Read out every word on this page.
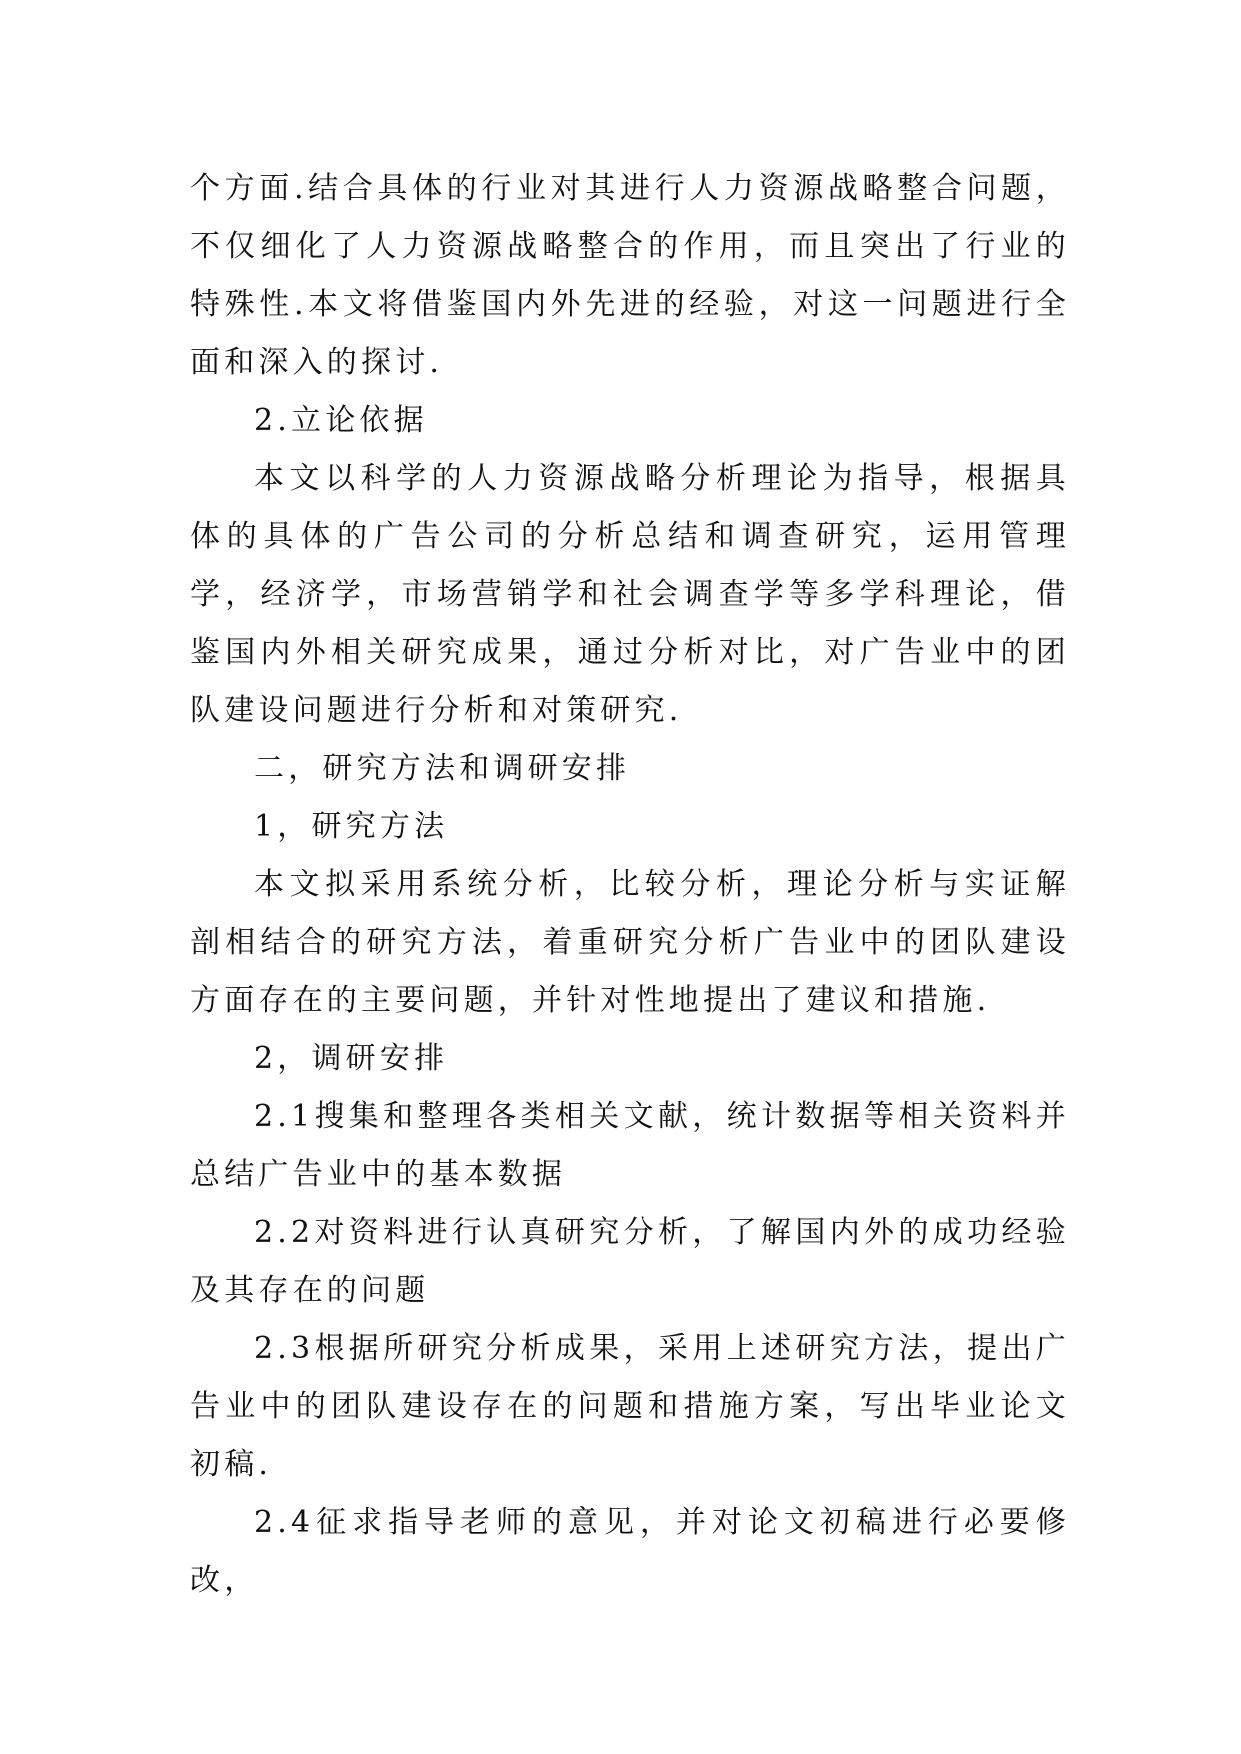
个方面.结合具体的行业对其进行人力资源战略整合问题，不仅细化了人力资源战略整合的作用，而且突出了行业的特殊性.本文将借鉴国内外先进的经验，对这一问题进行全面和深入的探讨.

2.立论依据

本文以科学的人力资源战略分析理论为指导，根据具体的具体的广告公司的分析总结和调查研究，运用管理学，经济学，市场营销学和社会调查学等多学科理论，借鉴国内外相关研究成果，通过分析对比，对广告业中的团队建设问题进行分析和对策研究.

二，研究方法和调研安排

1，研究方法

本文拟采用系统分析，比较分析，理论分析与实证解剖相结合的研究方法，着重研究分析广告业中的团队建设方面存在的主要问题，并针对性地提出了建议和措施.

2，调研安排

2.1搜集和整理各类相关文献，统计数据等相关资料并总结广告业中的基本数据

2.2对资料进行认真研究分析，了解国内外的成功经验及其存在的问题

2.3根据所研究分析成果，采用上述研究方法，提出广告业中的团队建设存在的问题和措施方案，写出毕业论文初稿.

2.4征求指导老师的意见，并对论文初稿进行必要修改，
